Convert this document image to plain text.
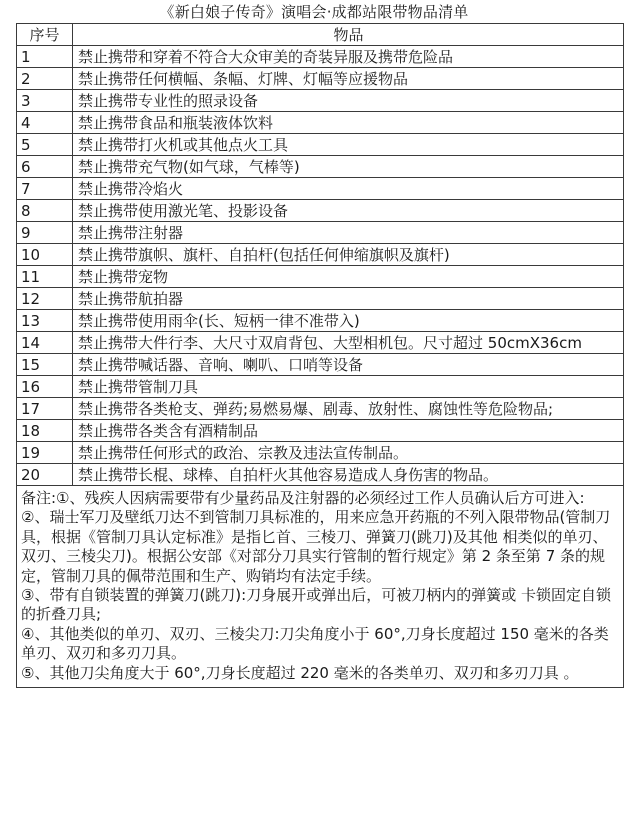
《新白娘子传奇》演唱会·成都站限带物品清单
序号	物品
1	禁止携带和穿着不符合大众审美的奇装异服及携带危险品
2	禁止携带任何横幅、条幅、灯牌、灯幅等应援物品
3	禁止携带专业性的照录设备
4	禁止携带食品和瓶装液体饮料
5	禁止携带打火机或其他点火工具
6	禁止携带充气物(如气球，气棒等)
7	禁止携带冷焰火
8	禁止携带使用激光笔、投影设备
9	禁止携带注射器
10	禁止携带旗帜、旗杆、自拍杆(包括任何伸缩旗帜及旗杆)
11	禁止携带宠物
12	禁止携带航拍器
13	禁止携带使用雨伞(长、短柄一律不准带入)
14	禁止携带大件行李、大尺寸双肩背包、大型相机包。尺寸超过 50cmX36cm
15	禁止携带喊话器、音响、喇叭、口哨等设备
16	禁止携带管制刀具
17	禁止携带各类枪支、弹药;易燃易爆、剧毒、放射性、腐蚀性等危险物品;
18	禁止携带各类含有酒精制品
19	禁止携带任何形式的政治、宗教及违法宣传制品。
20	禁止携带长棍、球棒、自拍杆火其他容易造成人身伤害的物品。

备注:①、残疾人因病需要带有少量药品及注射器的必须经过工作人员确认后方可进入:
②、瑞士军刀及壁纸刀达不到管制刀具标准的，用来应急开药瓶的不列入限带物品(管制刀具，根据《管制刀具认定标准》是指匕首、三棱刀、弹簧刀(跳刀)及其他 相类似的单刃、双刃、三棱尖刀)。根据公安部《对部分刀具实行管制的暂行规定》第 2 条至第 7 条的规定，管制刀具的佩带范围和生产、购销均有法定手续。
③、带有自锁装置的弹簧刀(跳刀):刀身展开或弹出后，可被刀柄内的弹簧或 卡锁固定自锁的折叠刀具;
④、其他类似的单刃、双刃、三棱尖刀:刀尖角度小于 60°,刀身长度超过 150 毫米的各类单刃、双刃和多刃刀具。
⑤、其他刀尖角度大于 60°,刀身长度超过 220 毫米的各类单刃、双刃和多刃刀具 。	
